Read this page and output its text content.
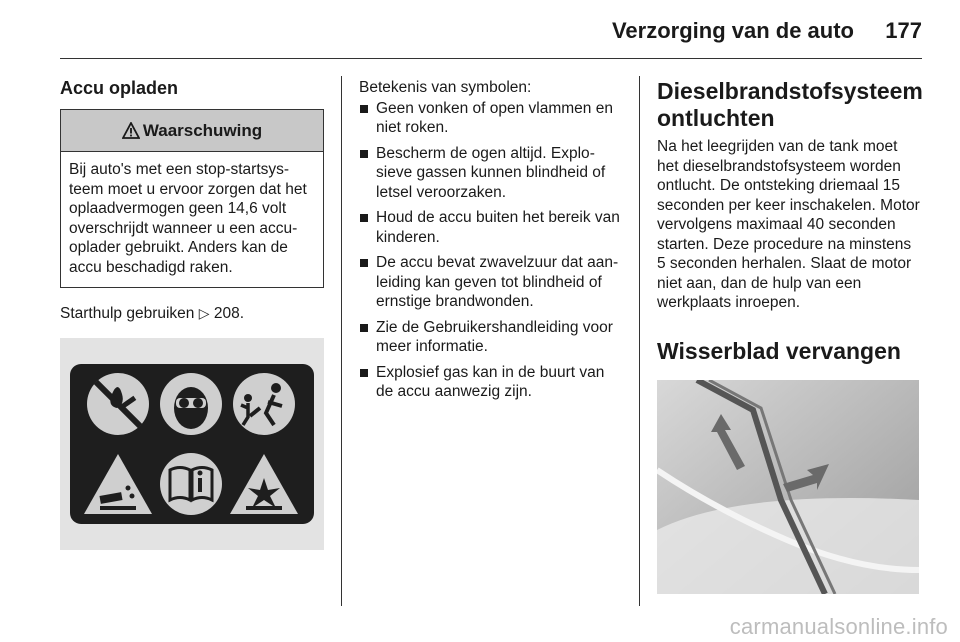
Verzorging van de auto 177
Accu opladen
Waarschuwing
Bij auto's met een stop-startsysteem moet u ervoor zorgen dat het oplaadvermogen geen 14,6 volt overschrijdt wanneer u een accuoplader gebruikt. Anders kan de accu beschadigd raken.
Starthulp gebruiken ▷ 208.
Betekenis van symbolen:
Geen vonken of open vlammen en niet roken.
Bescherm de ogen altijd. Explosieve gassen kunnen blindheid of letsel veroorzaken.
Houd de accu buiten het bereik van kinderen.
De accu bevat zwavelzuur dat aanleiding kan geven tot blindheid of ernstige brandwonden.
Zie de Gebruikershandleiding voor meer informatie.
Explosief gas kan in de buurt van de accu aanwezig zijn.
Dieselbrandstofsysteem ontluchten
Na het leegrijden van de tank moet het dieselbrandstofsysteem worden ontlucht. De ontsteking driemaal 15 seconden per keer inschakelen. Motor vervolgens maximaal 40 seconden starten. Deze procedure na minstens 5 seconden herhalen. Slaat de motor niet aan, dan de hulp van een werkplaats inroepen.
Wisserblad vervangen
carmanualsonline.info
